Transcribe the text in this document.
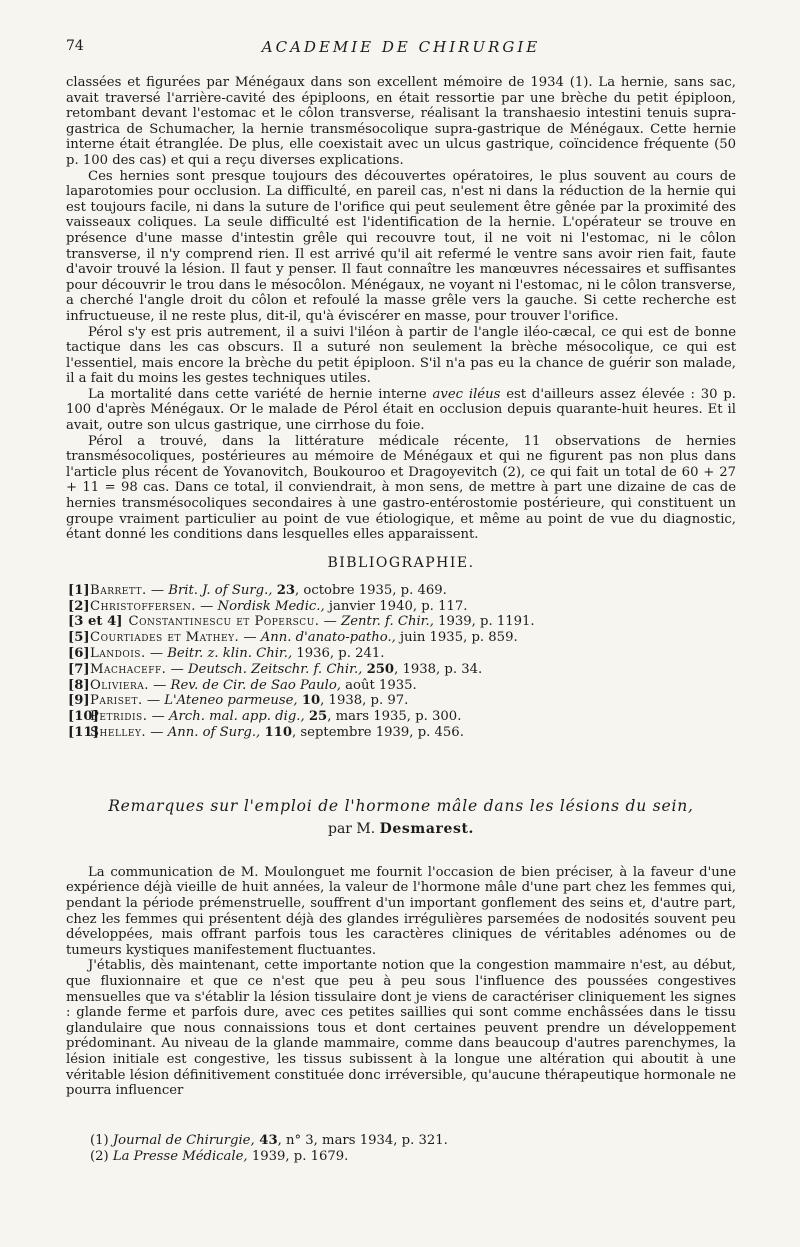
74	ACADEMIE DE CHIRURGIE

classées et figurées par Ménégaux dans son excellent mémoire de 1934 (1). La hernie, sans sac, avait traversé l'arrière-cavité des épiploons, en était ressortie par une brèche du petit épiploon, retombant devant l'estomac et le côlon transverse, réalisant la transhaesio intestini tenuis supra-gastrica de Schumacher, la hernie transmésocolique supra-gastrique de Ménégaux. Cette hernie interne était étranglée. De plus, elle coexistait avec un ulcus gastrique, coïncidence fréquente (50 p. 100 des cas) et qui a reçu diverses explications.

Ces hernies sont presque toujours des découvertes opératoires, le plus souvent au cours de laparotomies pour occlusion. La difficulté, en pareil cas, n'est ni dans la réduction de la hernie qui est toujours facile, ni dans la suture de l'orifice qui peut seulement être gênée par la proximité des vaisseaux coliques. La seule difficulté est l'identification de la hernie. L'opérateur se trouve en présence d'une masse d'intestin grêle qui recouvre tout, il ne voit ni l'estomac, ni le côlon transverse, il n'y comprend rien. Il est arrivé qu'il ait refermé le ventre sans avoir rien fait, faute d'avoir trouvé la lésion. Il faut y penser. Il faut connaître les manœuvres nécessaires et suffisantes pour découvrir le trou dans le mésocôlon. Ménégaux, ne voyant ni l'estomac, ni le côlon transverse, a cherché l'angle droit du côlon et refoulé la masse grêle vers la gauche. Si cette recherche est infructueuse, il ne reste plus, dit-il, qu'à éviscérer en masse, pour trouver l'orifice.

Pérol s'y est pris autrement, il a suivi l'iléon à partir de l'angle iléo-cæcal, ce qui est de bonne tactique dans les cas obscurs. Il a suturé non seulement la brèche mésocolique, ce qui est l'essentiel, mais encore la brèche du petit épiploon. S'il n'a pas eu la chance de guérir son malade, il a fait du moins les gestes techniques utiles.

La mortalité dans cette variété de hernie interne avec iléus est d'ailleurs assez élevée : 30 p. 100 d'après Ménégaux. Or le malade de Pérol était en occlusion depuis quarante-huit heures. Et il avait, outre son ulcus gastrique, une cirrhose du foie.

Pérol a trouvé, dans la littérature médicale récente, 11 observations de hernies transmésocoliques, postérieures au mémoire de Ménégaux et qui ne figurent pas non plus dans l'article plus récent de Yovanovitch, Boukouroo et Dragoyevitch (2), ce qui fait un total de 60 + 27 + 11 = 98 cas. Dans ce total, il conviendrait, à mon sens, de mettre à part une dizaine de cas de hernies transmésocoliques secondaires à une gastro-entérostomie postérieure, qui constituent un groupe vraiment particulier au point de vue étiologique, et même au point de vue du diagnostic, étant donné les conditions dans lesquelles elles apparaissent.

BIBLIOGRAPHIE.
[1]Barrett. — Brit. J. of Surg., 23, octobre 1935, p. 469.
[2]Christoffersen. — Nordisk Medic., janvier 1940, p. 117.
[3 et 4] Constantinescu et Poperscu. — Zentr. f. Chir., 1939, p. 1191.
[5]Courtiades et Mathey. — Ann. d'anato-patho., juin 1935, p. 859.
[6]Landois. — Beitr. z. klin. Chir., 1936, p. 241.
[7]Machaceff. — Deutsch. Zeitschr. f. Chir., 250, 1938, p. 34.
[8]Oliviera. — Rev. de Cir. de Sao Paulo, août 1935.
[9]Pariset. — L'Ateneo parmeuse, 10, 1938, p. 97.
[10]Petridis. — Arch. mal. app. dig., 25, mars 1935, p. 300.
[11]Shelley. — Ann. of Surg., 110, septembre 1939, p. 456.
Remarques sur l'emploi de l'hormone mâle dans les lésions du sein,
par M. Desmarest.

La communication de M. Moulonguet me fournit l'occasion de bien préciser, à la faveur d'une expérience déjà vieille de huit années, la valeur de l'hormone mâle d'une part chez les femmes qui, pendant la période prémenstruelle, souffrent d'un important gonflement des seins et, d'autre part, chez les femmes qui présentent déjà des glandes irrégulières parsemées de nodosités souvent peu développées, mais offrant parfois tous les caractères cliniques de véritables adénomes ou de tumeurs kystiques manifestement fluctuantes.

J'établis, dès maintenant, cette importante notion que la congestion mammaire n'est, au début, que fluxionnaire et que ce n'est que peu à peu sous l'influence des poussées congestives mensuelles que va s'établir la lésion tissulaire dont je viens de caractériser cliniquement les signes : glande ferme et parfois dure, avec ces petites saillies qui sont comme enchâssées dans le tissu glandulaire que nous connaissions tous et dont certaines peuvent prendre un développement prédominant. Au niveau de la glande mammaire, comme dans beaucoup d'autres parenchymes, la lésion initiale est congestive, les tissus subissent à la longue une altération qui aboutit à une véritable lésion définitivement constituée donc irréversible, qu'aucune thérapeutique hormonale ne pourra influencer

(1) Journal de Chirurgie, 43, n° 3, mars 1934, p. 321.
(2) La Presse Médicale, 1939, p. 1679.
